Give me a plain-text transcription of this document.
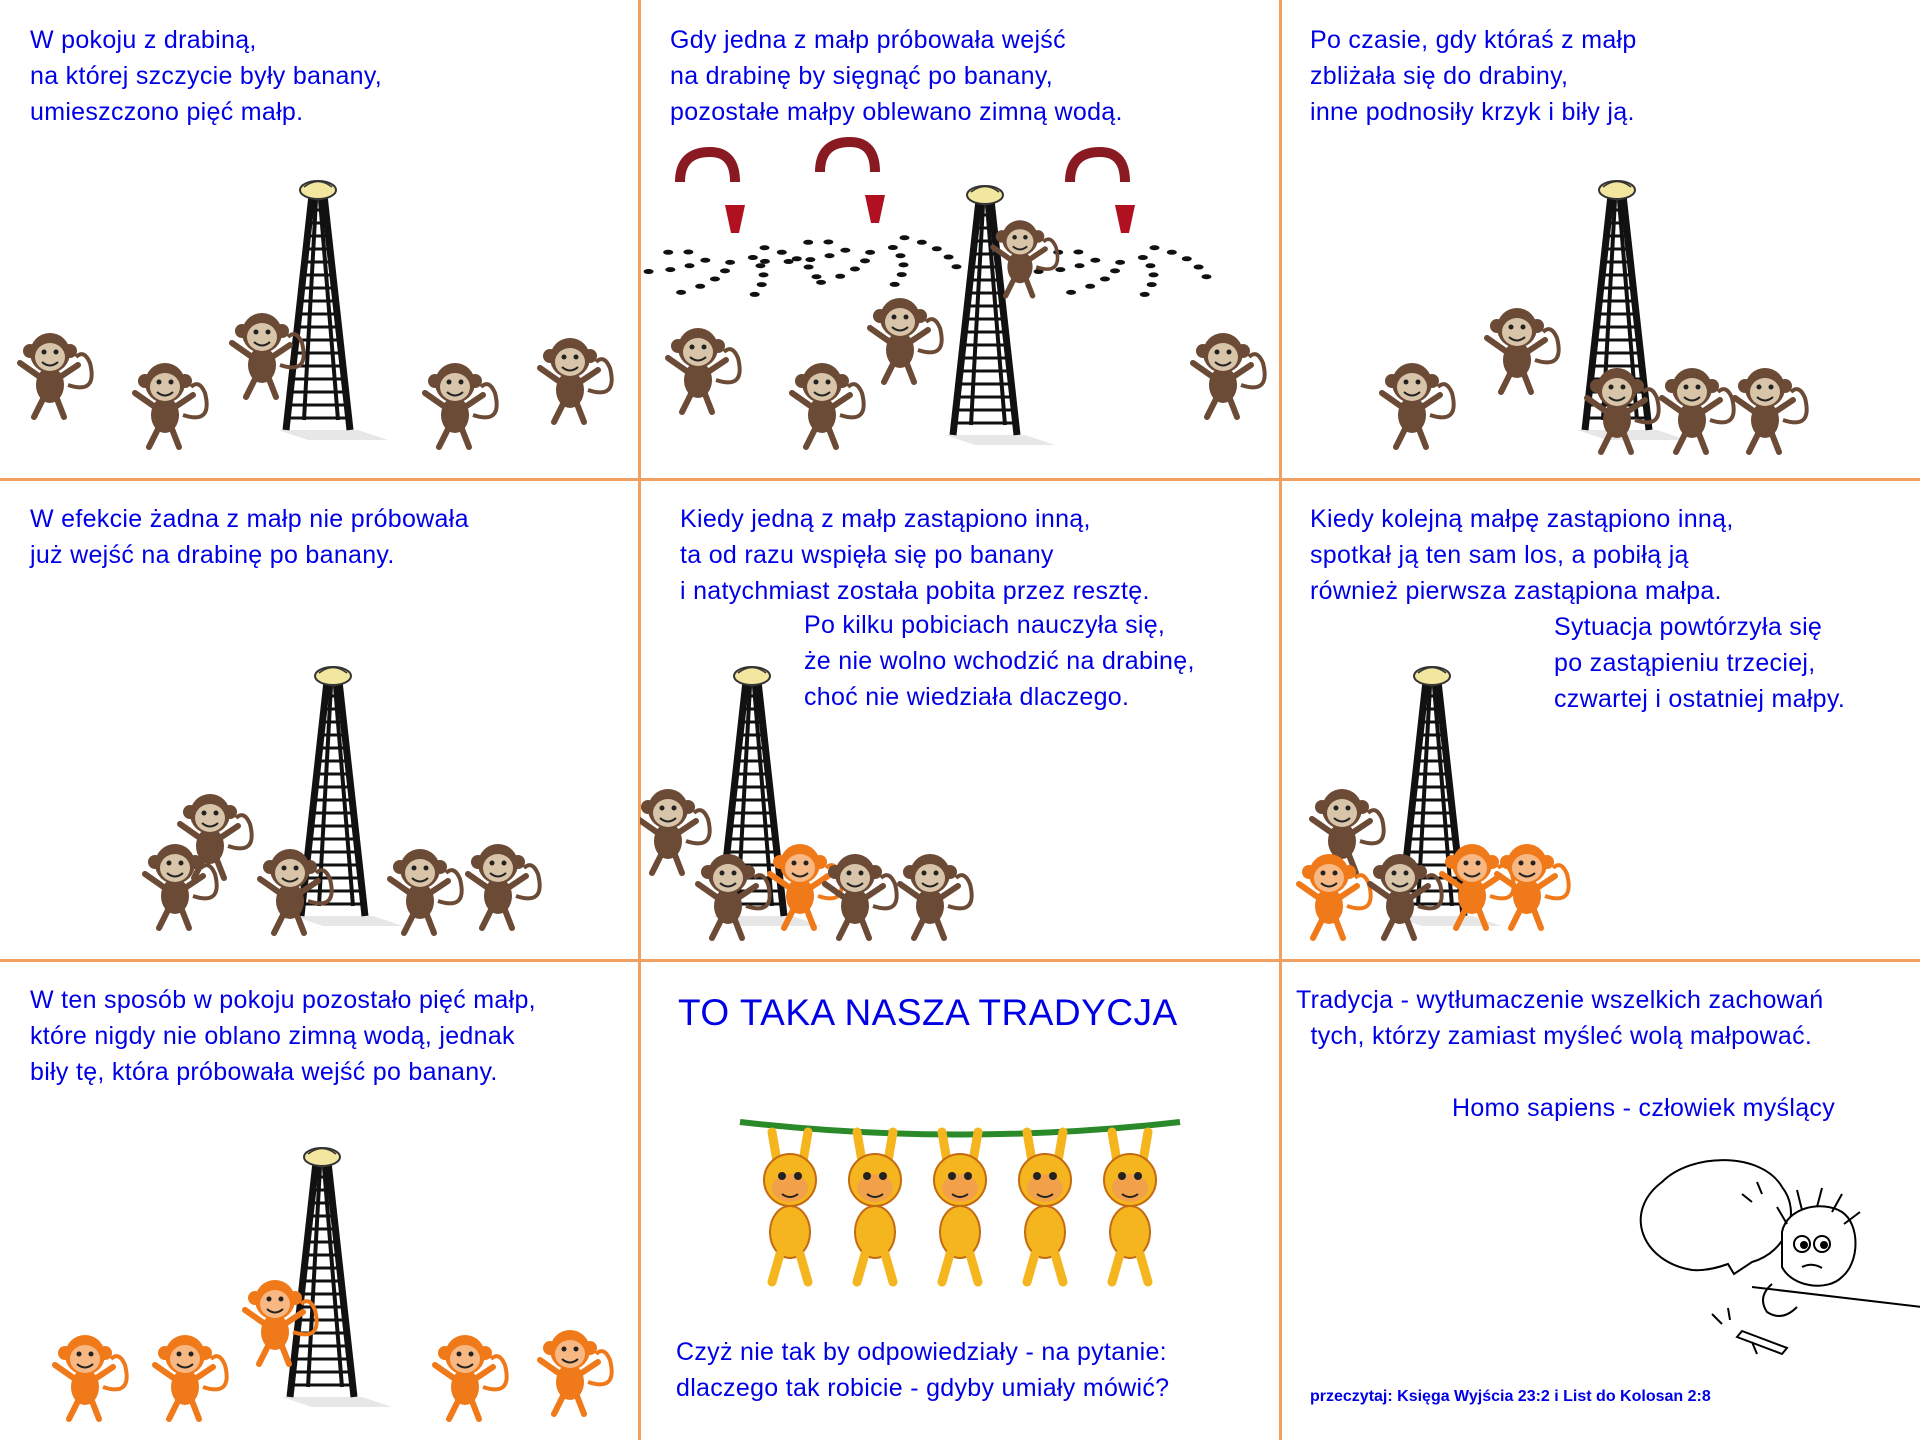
W pokoju z drabiną,
na której szczycie były banany,
umieszczono pięć małp.
Gdy jedna z małp próbowała wejść
na drabinę by sięgnąć po banany,
pozostałe małpy oblewano zimną wodą.
Po czasie, gdy któraś z małp
zbliżała się do drabiny,
inne podnosiły krzyk i biły ją.
W efekcie żadna z małp nie próbowała
już wejść na drabinę po banany.
Kiedy jedną z małp zastąpiono inną,
ta od razu wspięła się po banany
i natychmiast została pobita przez resztę.
Po kilku pobiciach nauczyła się,
że nie wolno wchodzić na drabinę,
choć nie wiedziała dlaczego.
Kiedy kolejną małpę zastąpiono inną,
spotkał ją ten sam los, a pobiłą ją
również pierwsza zastąpiona małpa.
Sytuacja powtórzyła się
po zastąpieniu trzeciej,
czwartej i ostatniej małpy.
W ten sposób w pokoju pozostało pięć małp,
które nigdy nie oblano zimną wodą, jednak
biły tę, która próbowała wejść po banany.
TO TAKA NASZA TRADYCJA
Czyż nie tak by odpowiedziały - na pytanie:
dlaczego tak robicie - gdyby umiały mówić?
Tradycja - wytłumaczenie wszelkich zachowań
tych, którzy zamiast myśleć wolą małpować.
Homo sapiens - człowiek myślący
przeczytaj: Księga Wyjścia 23:2 i List do Kolosan 2:8
